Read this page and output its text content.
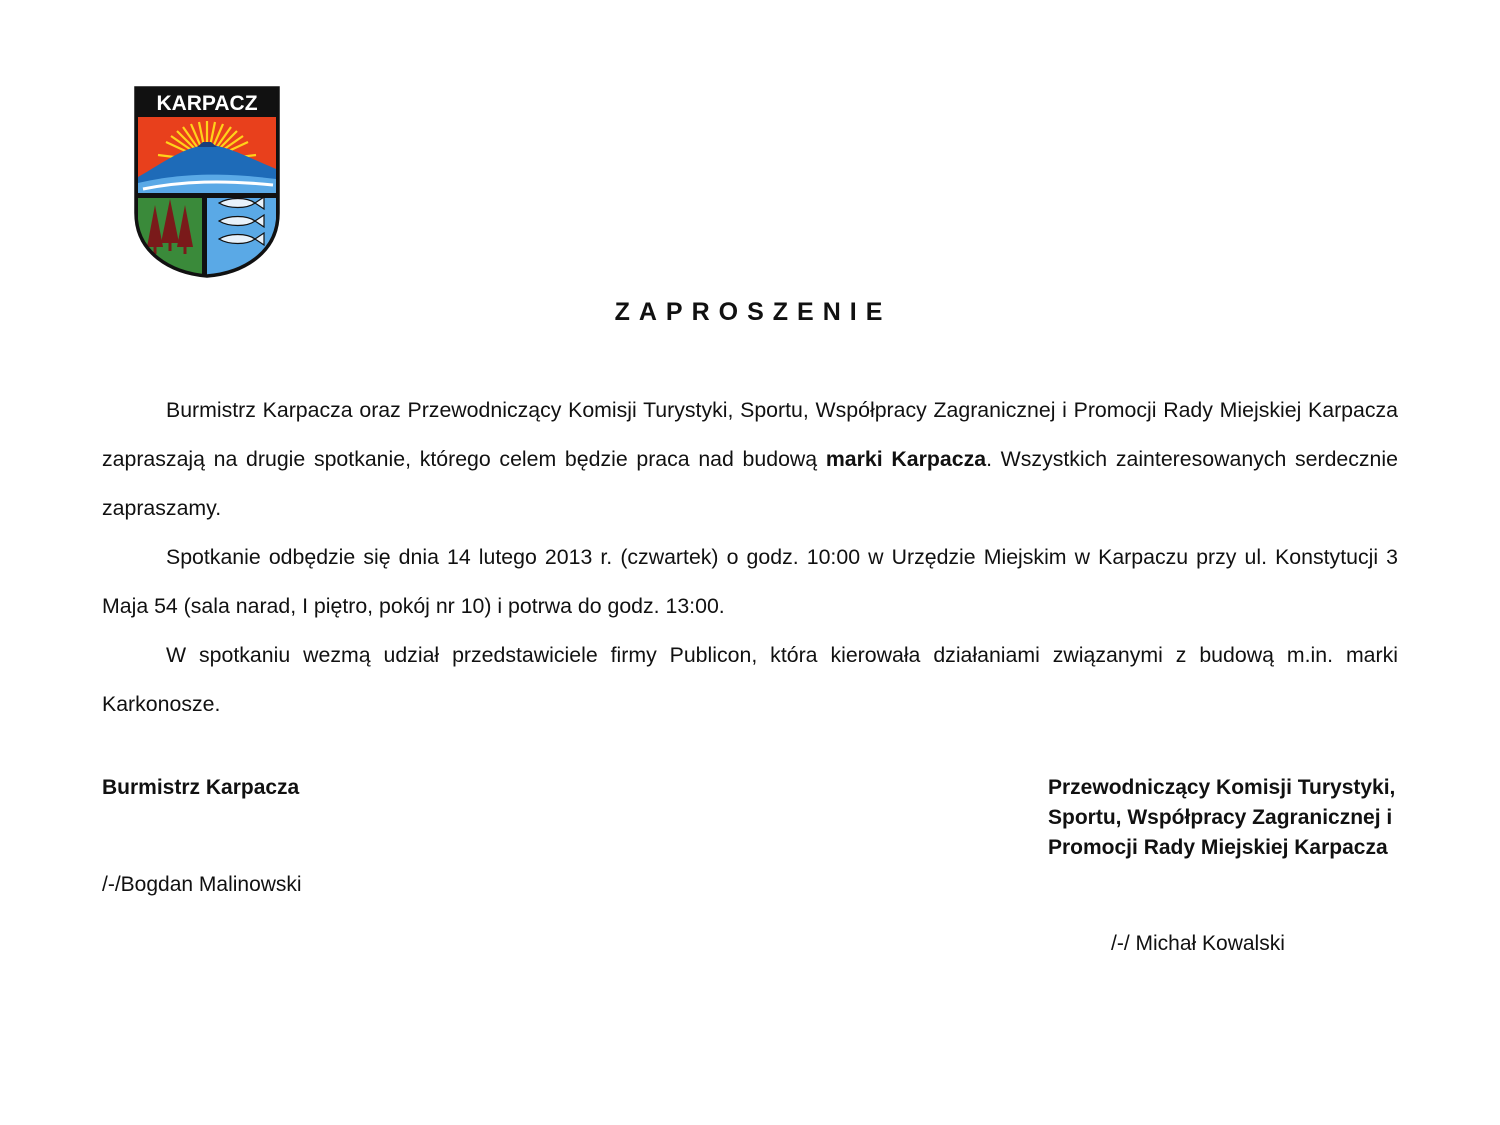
KARPACZ
ZAPROSZENIE

Burmistrz Karpacza oraz Przewodniczący Komisji Turystyki, Sportu, Współpracy Zagranicznej i Promocji Rady Miejskiej Karpacza zapraszają na drugie spotkanie, którego celem będzie praca nad budową marki Karpacza. Wszystkich zainteresowanych serdecznie zapraszamy.

Spotkanie odbędzie się dnia 14 lutego 2013 r. (czwartek) o godz. 10:00 w Urzędzie Miejskim w Karpaczu przy ul. Konstytucji 3 Maja 54 (sala narad, I piętro, pokój nr 10) i potrwa do godz. 13:00.

W spotkaniu wezmą udział przedstawiciele firmy Publicon, która kierowała działaniami związanymi z budową m.in. marki Karkonosze.

Burmistrz Karpacza
/-/Bogdan Malinowski
Przewodniczący Komisji Turystyki,
Sportu, Współpracy Zagranicznej i
Promocji Rady Miejskiej Karpacza
/-/ Michał Kowalski
